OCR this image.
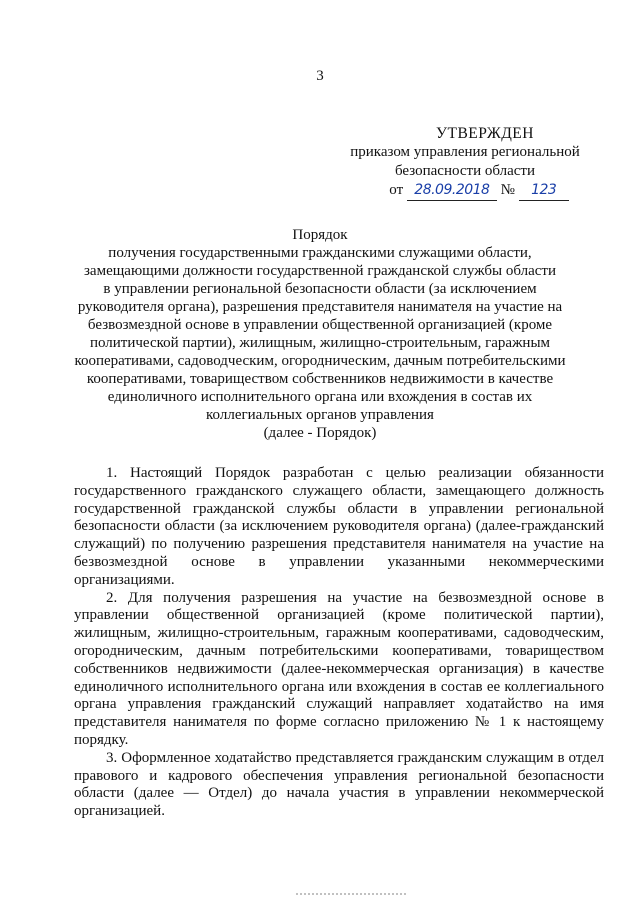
3
УТВЕРЖДЕН
приказом управления региональной
безопасности области
от 28.09.2018 № 123
Порядок
получения государственными гражданскими служащими области,
замещающими должности государственной гражданской службы области
в управлении региональной безопасности области (за исключением
руководителя органа), разрешения представителя нанимателя на участие на
безвозмездной основе в управлении общественной организацией (кроме
политической партии), жилищным, жилищно-строительным, гаражным
кооперативами, садоводческим, огородническим, дачным потребительскими
кооперативами, товариществом собственников недвижимости в качестве
единоличного исполнительного органа или вхождения в состав их
коллегиальных органов управления
(далее - Порядок)

1. Настоящий Порядок разработан с целью реализации обязанности государственного гражданского служащего области, замещающего должность государственной гражданской службы области в управлении региональной безопасности области (за исключением руководителя органа) (далее-гражданский служащий) по получению разрешения представителя нанимателя на участие на безвозмездной основе в управлении указанными некоммерческими организациями.

2. Для получения разрешения на участие на безвозмездной основе в управлении общественной организацией (кроме политической партии), жилищным, жилищно-строительным, гаражным кооперативами, садоводческим, огородническим, дачным потребительскими кооперативами, товариществом собственников недвижимости (далее-некоммерческая организация) в качестве единоличного исполнительного органа или вхождения в состав ее коллегиального органа управления гражданский служащий направляет ходатайство на имя представителя нанимателя по форме согласно приложению № 1 к настоящему порядку.

3. Оформленное ходатайство представляется гражданским служащим в отдел правового и кадрового обеспечения управления региональной безопасности области (далее — Отдел) до начала участия в управлении некоммерческой организацией.
